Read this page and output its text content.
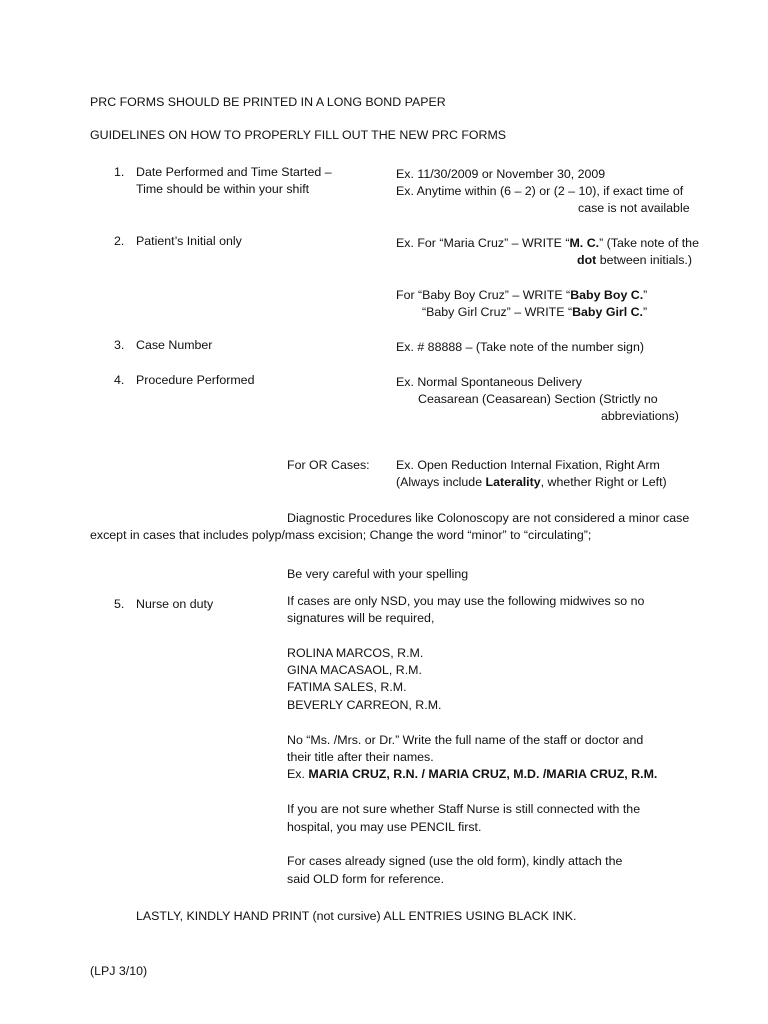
PRC FORMS SHOULD BE PRINTED IN A LONG BOND PAPER
GUIDELINES ON HOW TO PROPERLY FILL OUT THE NEW PRC FORMS
1. Date Performed and Time Started –
Time should be within your shift
Ex. 11/30/2009 or November 30, 2009
Ex. Anytime within (6 – 2) or (2 – 10), if exact time of
case is not available
2. Patient’s Initial only	Ex. For “Maria Cruz” – WRITE “M. C.” (Take note of the
dot between initials.)
For “Baby Boy Cruz” – WRITE “Baby Boy C.”
“Baby Girl Cruz” – WRITE “Baby Girl C.”
3. Case Number	Ex. # 88888 – (Take note of the number sign)
4. Procedure Performed	Ex. Normal Spontaneous Delivery
Ceasarean (Ceasarean) Section (Strictly no
abbreviations)
For OR Cases: Ex. Open Reduction Internal Fixation, Right Arm
(Always include Laterality, whether Right or Left)
Diagnostic Procedures like Colonoscopy are not considered a minor case
except in cases that includes polyp/mass excision; Change the word “minor” to “circulating”;
Be very careful with your spelling
5. Nurse on duty	If cases are only NSD, you may use the following midwives so no
signatures will be required,
ROLINA MARCOS, R.M.
GINA MACASAOL, R.M.
FATIMA SALES, R.M.
BEVERLY CARREON, R.M.
No “Ms. /Mrs. or Dr.” Write the full name of the staff or doctor and
their title after their names.
Ex. MARIA CRUZ, R.N. / MARIA CRUZ, M.D. /MARIA CRUZ, R.M.
If you are not sure whether Staff Nurse is still connected with the
hospital, you may use PENCIL first.
For cases already signed (use the old form), kindly attach the
said OLD form for reference.
LASTLY, KINDLY HAND PRINT (not cursive) ALL ENTRIES USING BLACK INK.
(LPJ 3/10)
